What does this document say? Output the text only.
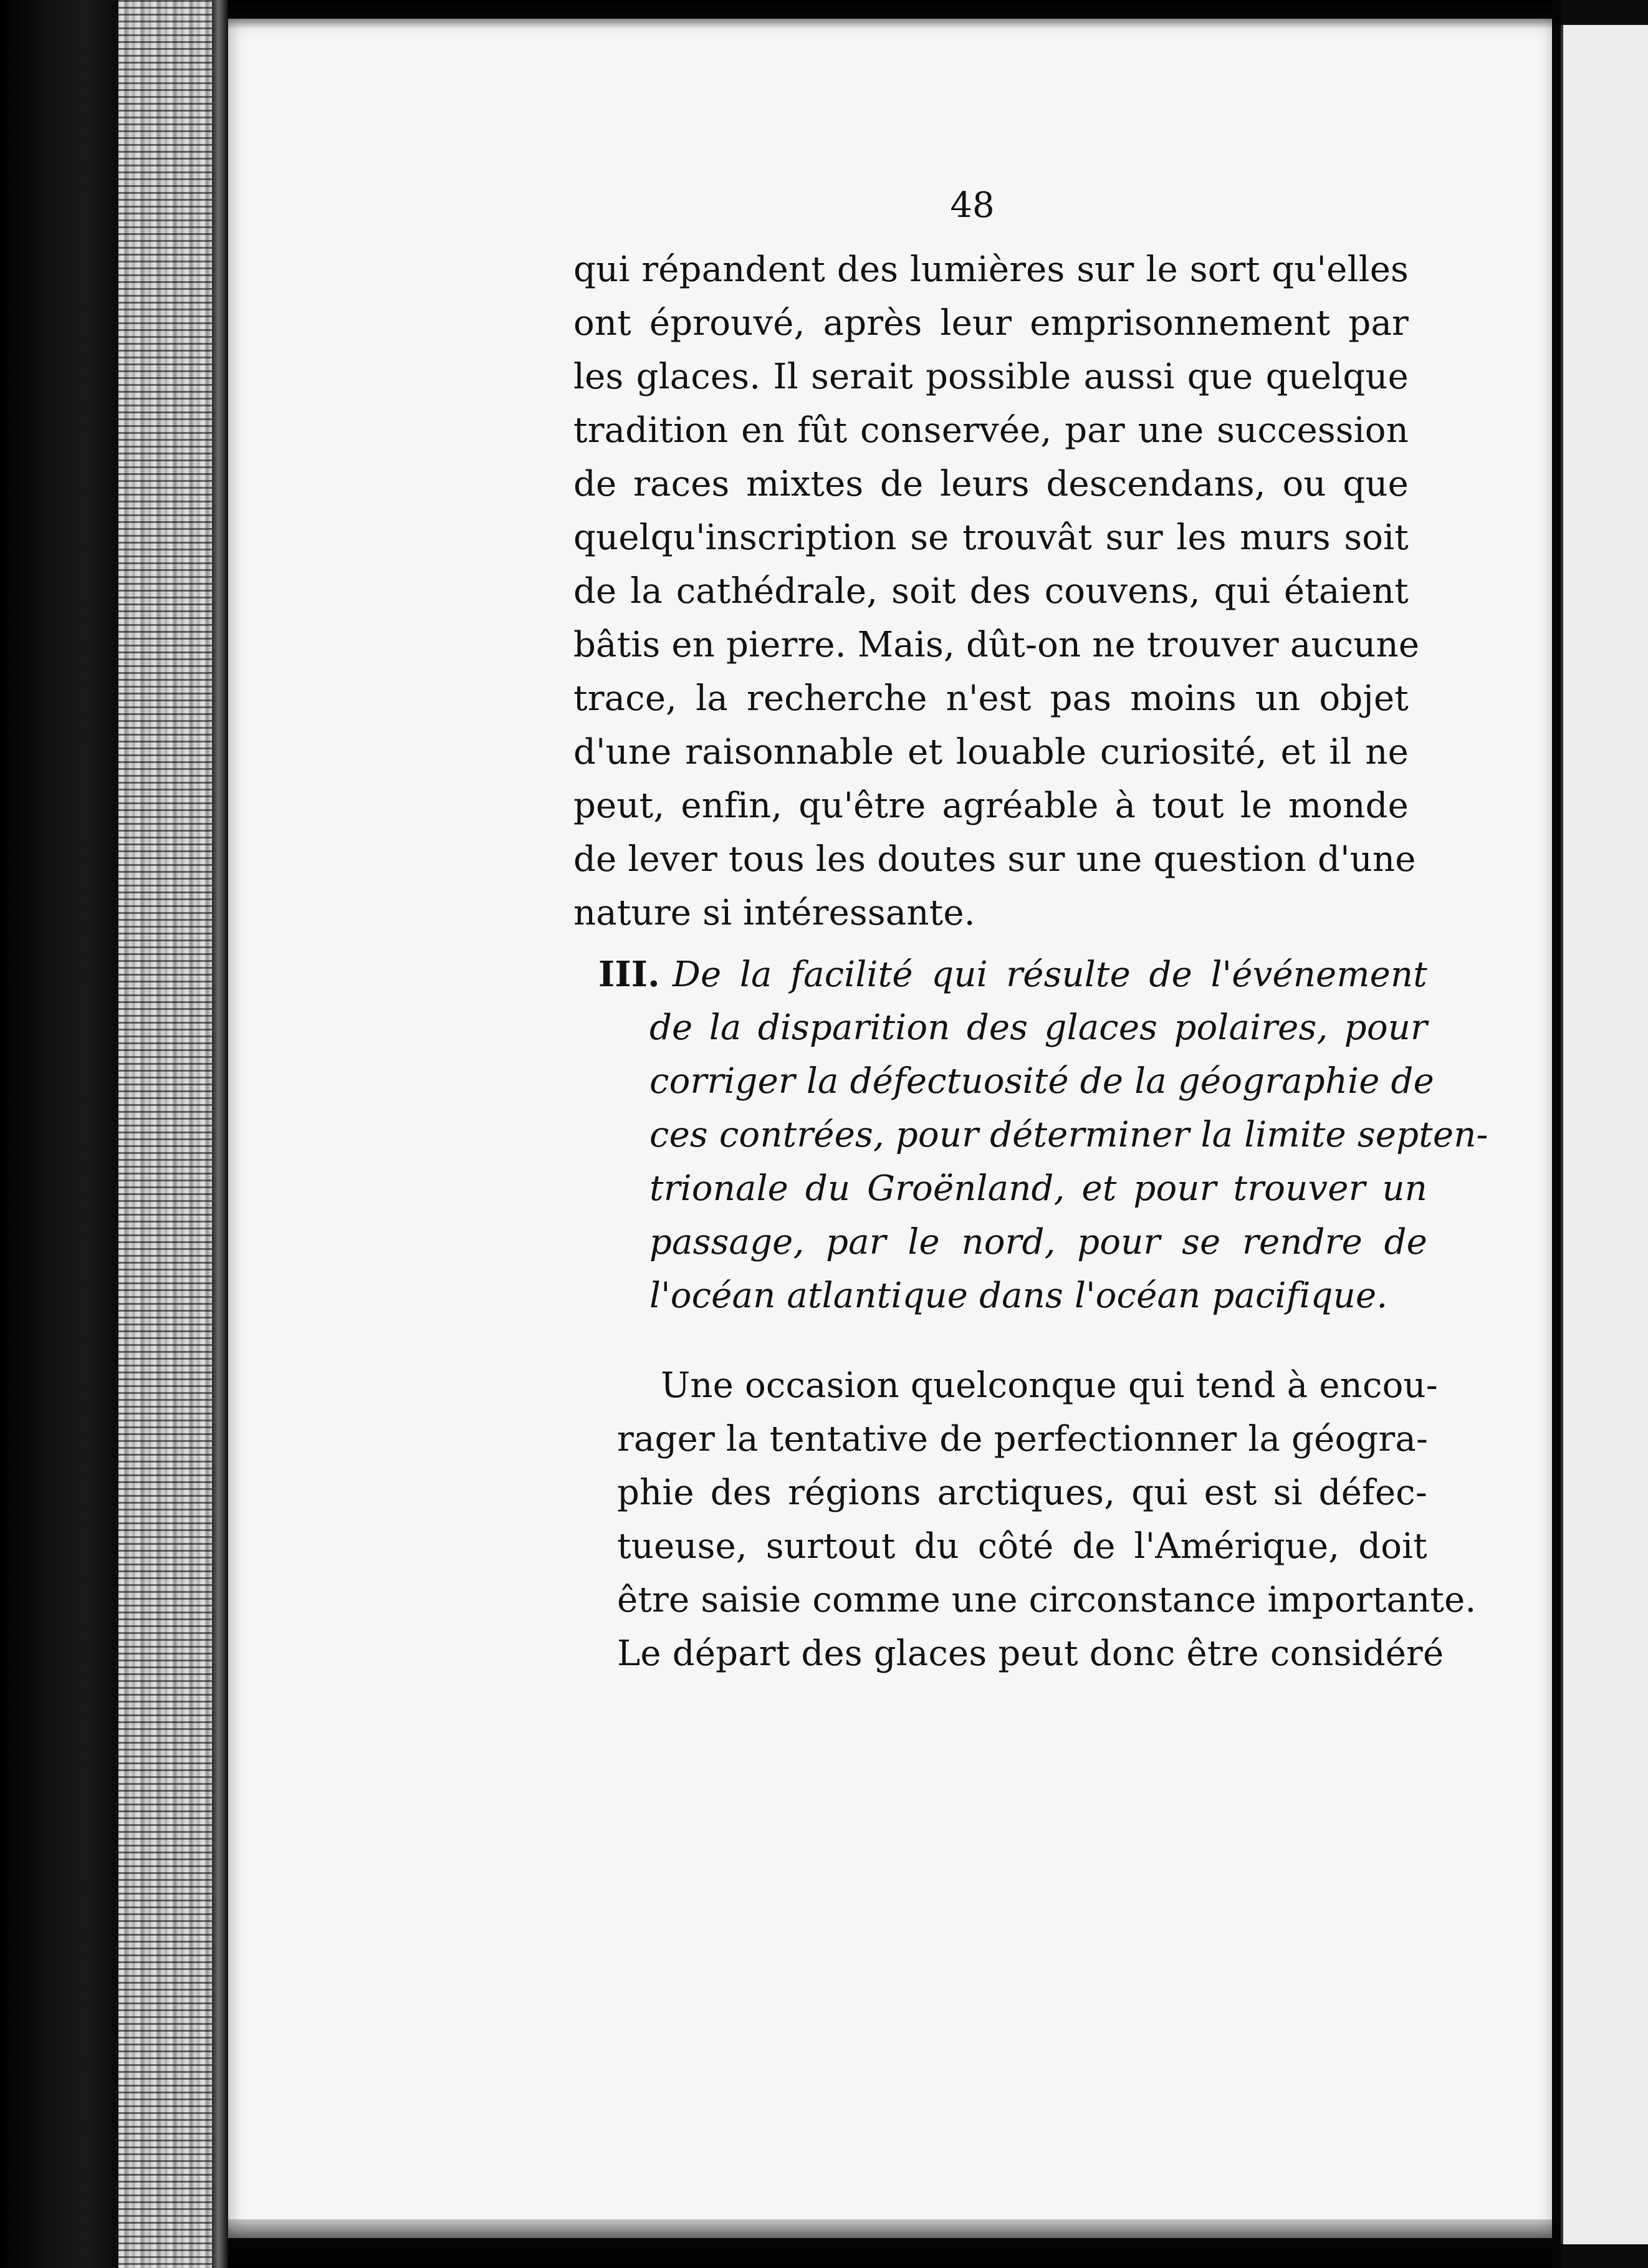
48
qui répandent des lumières sur le sort qu'elles
ont éprouvé, après leur emprisonnement par
les glaces. Il serait possible aussi que quelque
tradition en fût conservée, par une succession
de races mixtes de leurs descendans, ou que
quelqu'inscription se trouvât sur les murs soit
de la cathédrale, soit des couvens, qui étaient
bâtis en pierre. Mais, dût-on ne trouver aucune
trace, la recherche n'est pas moins un objet
d'une raisonnable et louable curiosité, et il ne
peut, enfin, qu'être agréable à tout le monde
de lever tous les doutes sur une question d'une
nature si intéressante.
III. De la facilité qui résulte de l'événement
de la disparition des glaces polaires, pour
corriger la défectuosité de la géographie de
ces contrées, pour déterminer la limite septen-
trionale du Groënland, et pour trouver un
passage, par le nord, pour se rendre de
l'océan atlantique dans l'océan pacifique.
Une occasion quelconque qui tend à encou-
rager la tentative de perfectionner la géogra-
phie des régions arctiques, qui est si défec-
tueuse, surtout du côté de l'Amérique, doit
être saisie comme une circonstance importante.
Le départ des glaces peut donc être considéré
